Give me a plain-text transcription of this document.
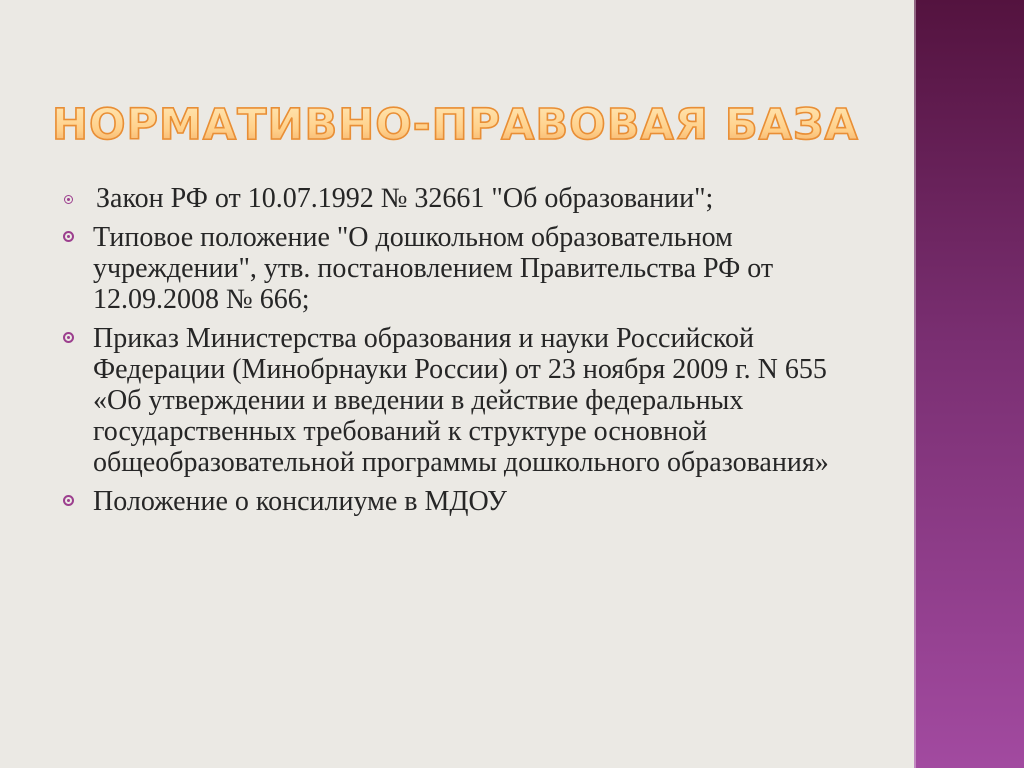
НОРМАТИВНО-ПРАВОВАЯ БАЗА
Закон РФ от 10.07.1992 № 32661 "Об образовании";
Типовое положение "О дошкольном образовательном учреждении", утв. постановлением Правительства РФ от 12.09.2008 № 666;
Приказ Министерства образования и науки Российской Федерации (Минобрнауки России) от 23 ноября 2009 г. N 655 «Об утверждении и введении в действие федеральных государственных требований к структуре основной общеобразовательной программы дошкольного образования»
Положение о консилиуме в МДОУ
